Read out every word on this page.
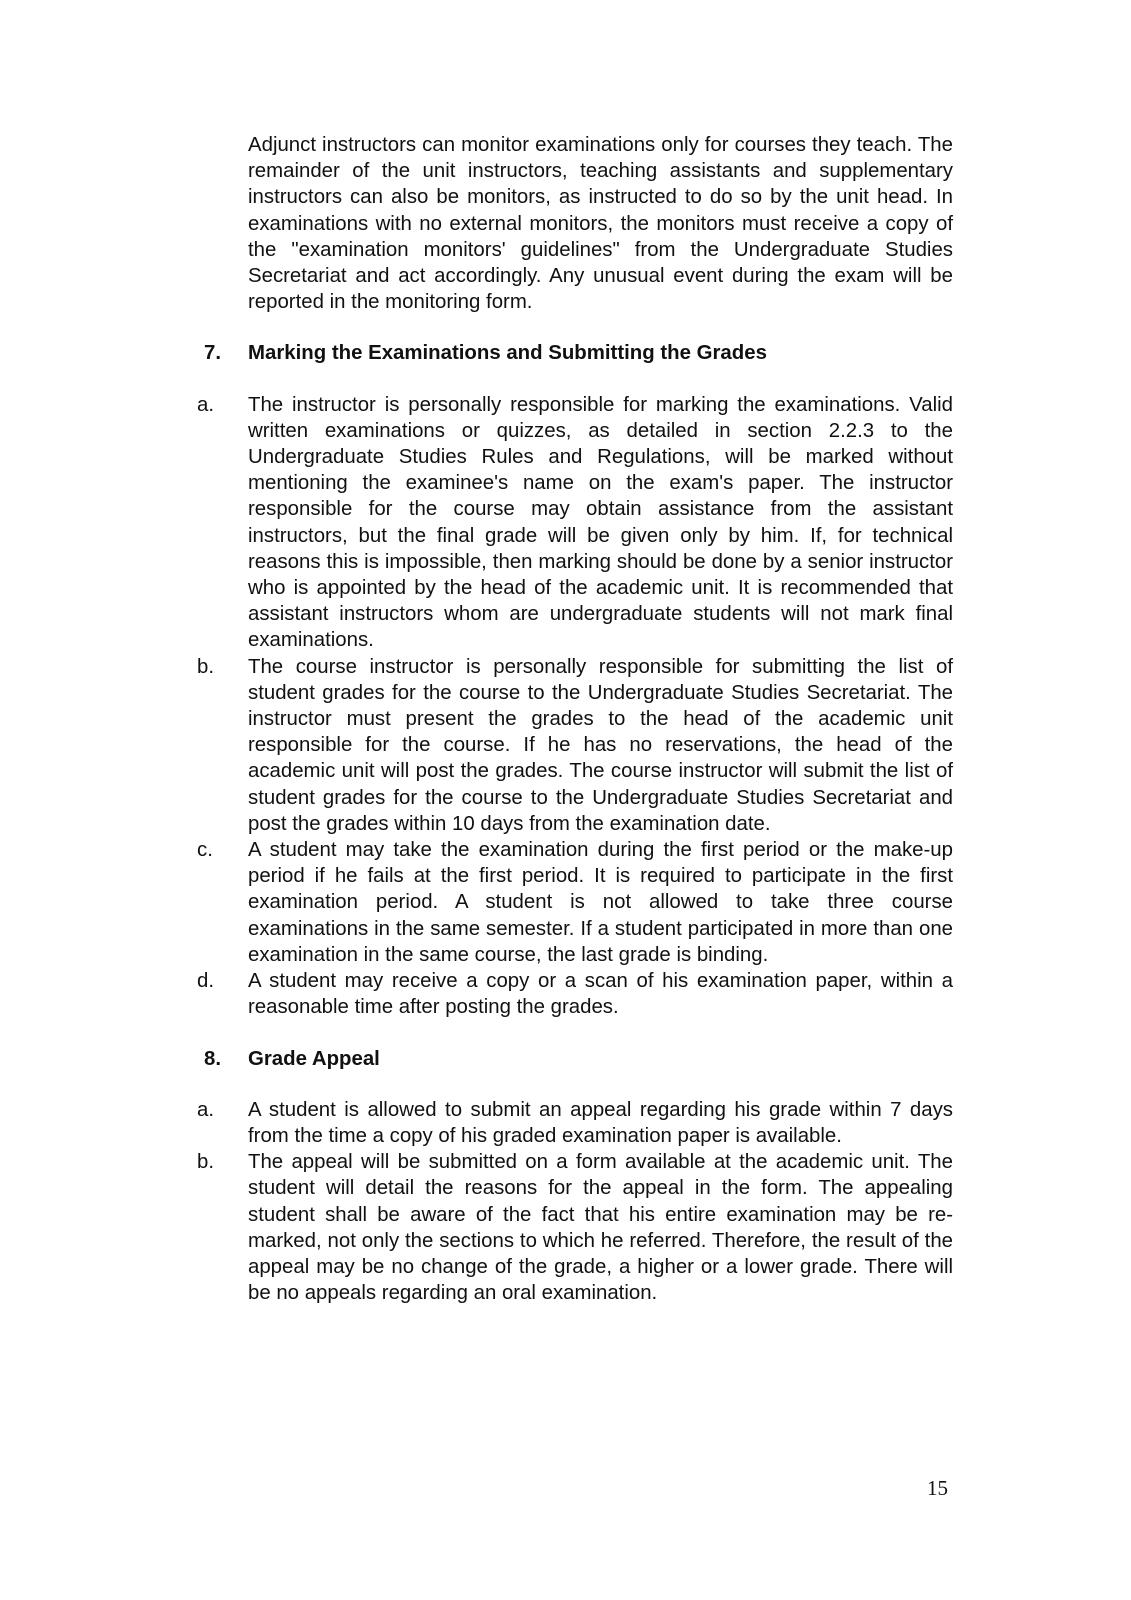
Adjunct instructors can monitor examinations only for courses they teach. The remainder of the unit instructors, teaching assistants and supplementary instructors can also be monitors, as instructed to do so by the unit head. In examinations with no external monitors, the monitors must receive a copy of the "examination monitors' guidelines" from the Undergraduate Studies Secretariat and act accordingly. Any unusual event during the exam will be reported in the monitoring form.

7.	Marking the Examinations and Submitting the Grades
a.	The instructor is personally responsible for marking the examinations. Valid written examinations or quizzes, as detailed in section 2.2.3 to the Undergraduate Studies Rules and Regulations, will be marked without mentioning the examinee's name on the exam's paper. The instructor responsible for the course may obtain assistance from the assistant instructors, but the final grade will be given only by him. If, for technical reasons this is impossible, then marking should be done by a senior instructor who is appointed by the head of the academic unit. It is recommended that assistant instructors whom are undergraduate students will not mark final examinations.
b.	The course instructor is personally responsible for submitting the list of student grades for the course to the Undergraduate Studies Secretariat. The instructor must present the grades to the head of the academic unit responsible for the course. If he has no reservations, the head of the academic unit will post the grades. The course instructor will submit the list of student grades for the course to the Undergraduate Studies Secretariat and post the grades within 10 days from the examination date.
c.	A student may take the examination during the first period or the make-up period if he fails at the first period. It is required to participate in the first examination period. A student is not allowed to take three course examinations in the same semester. If a student participated in more than one examination in the same course, the last grade is binding.
d.	A student may receive a copy or a scan of his examination paper, within a reasonable time after posting the grades.
8.	Grade Appeal
a.	A student is allowed to submit an appeal regarding his grade within 7 days from the time a copy of his graded examination paper is available.
b.	The appeal will be submitted on a form available at the academic unit. The student will detail the reasons for the appeal in the form. The appealing student shall be aware of the fact that his entire examination may be re-marked, not only the sections to which he referred. Therefore, the result of the appeal may be no change of the grade, a higher or a lower grade. There will be no appeals regarding an oral examination.
15
